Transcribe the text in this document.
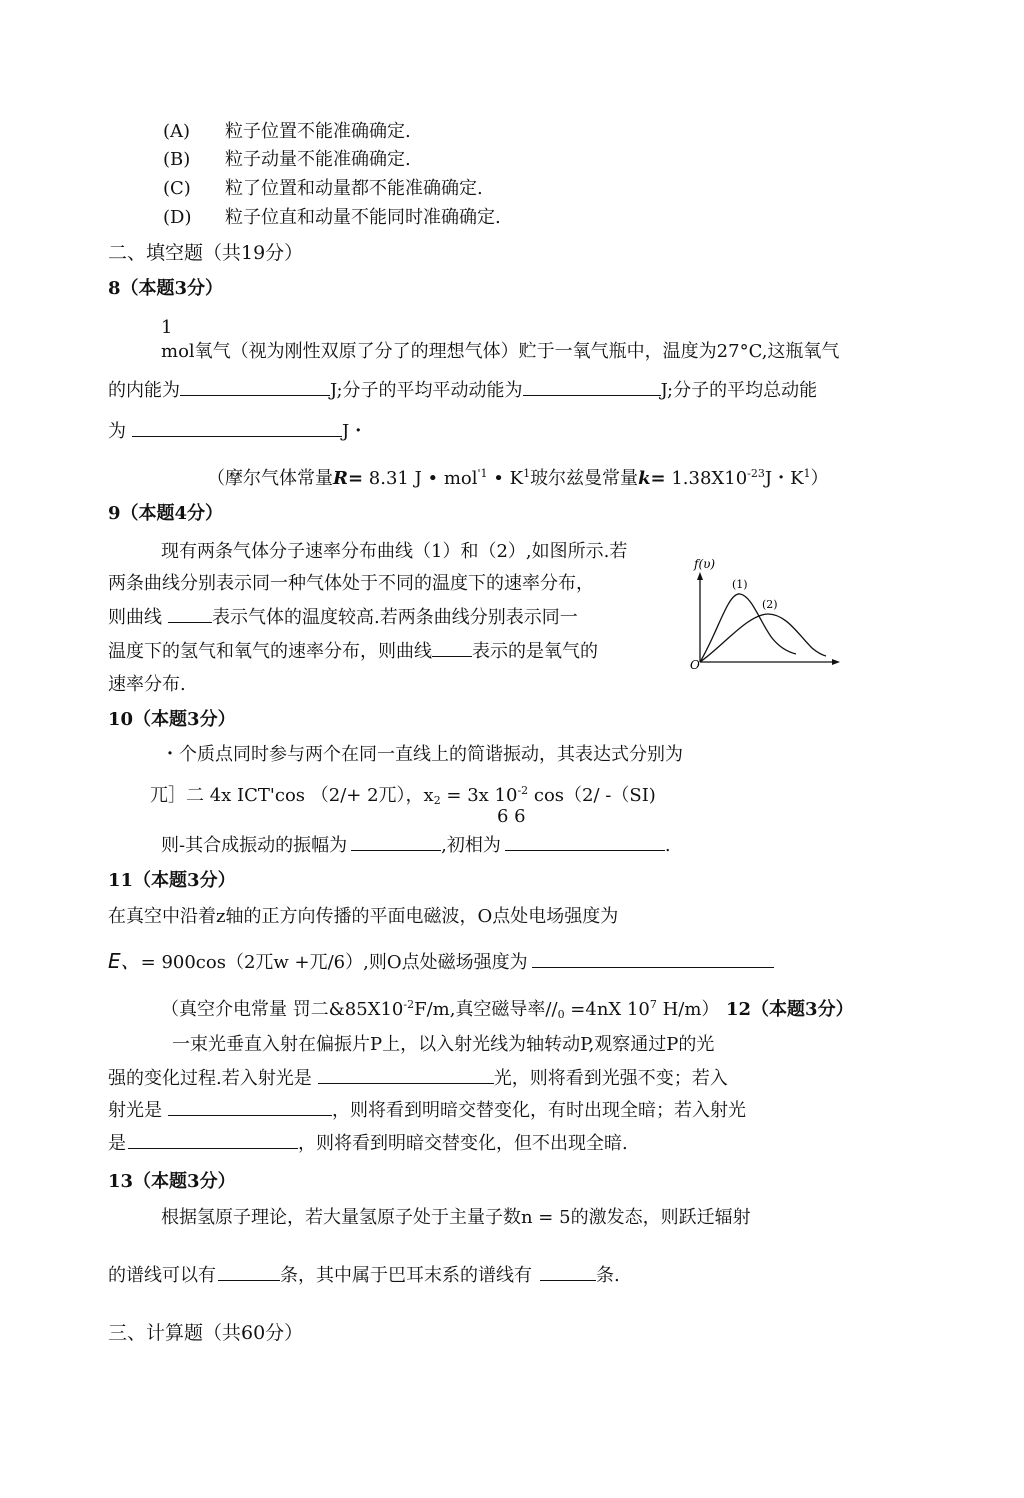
(A) 粒子位置不能准确确定.
(B) 粒子动量不能准确确定.
(C) 粒了位置和动量都不能准确确定.
(D) 粒子位直和动量不能同时准确确定.
二、填空题（共19分）
8（本题3分）
1
mol氧气（视为刚性双原了分了的理想气体）贮于一氧气瓶中，温度为27°C,这瓶氧气
的内能为	J;分子的平均平动动能为	J;分子的平均总动能
为	J・
（摩尔气体常量R= 8.31 J • mol$^{'1}$ • $K^1$玻尔兹曼常量$k= 1.38X10^{-23}J$・$K^1$）
9（本题4分）
现有两条气体分子速率分布曲线（1）和（2）,如图所示.若
两条曲线分别表示同一种气体处于不同的温度下的速率分布，
则曲线	表示气体的温度较高.若两条曲线分别表示同一
温度下的氢气和氧气的速率分布，则曲线 表示的是氧气的
速率分布.
f(υ)
O
(1)
(2)
10（本题3分）
・个质点同时参与两个在同一直线上的简谐振动，其表达式分别为
兀］二 4x ICT'cos （2/+ 2兀），$x_2 = 3x$ $10^{-2}$ cos（2/ -（SI)
6 6
则-其合成振动的振幅为	,初相为	.
11（本题3分）
在真空中沿着z轴的正方向传播的平面电磁波，O点处电场强度为
E、= 900cos（2兀w +兀/6）,则O点处磁场强度为
（真空介电常量 罚二$\&85X10^{-2}F/m$,真空磁导率$//_0 =4nX$ $10^7$ H/m） 12（本题3分）
一束光垂直入射在偏振片P上，以入射光线为轴转动P,观察通过P的光
强的变化过程.若入射光是	光，则将看到光强不变；若入
射光是	，则将看到明暗交替变化，有时出现全暗；若入射光
是	，则将看到明暗交替变化，但不出现全暗.
13（本题3分）
根据氢原子理论，若大量氢原子处于主量子数n = 5的激发态，则跃迁辐射
的谱线可以有	条，其中属于巴耳末系的谱线有	条.
三、计算题（共60分）
